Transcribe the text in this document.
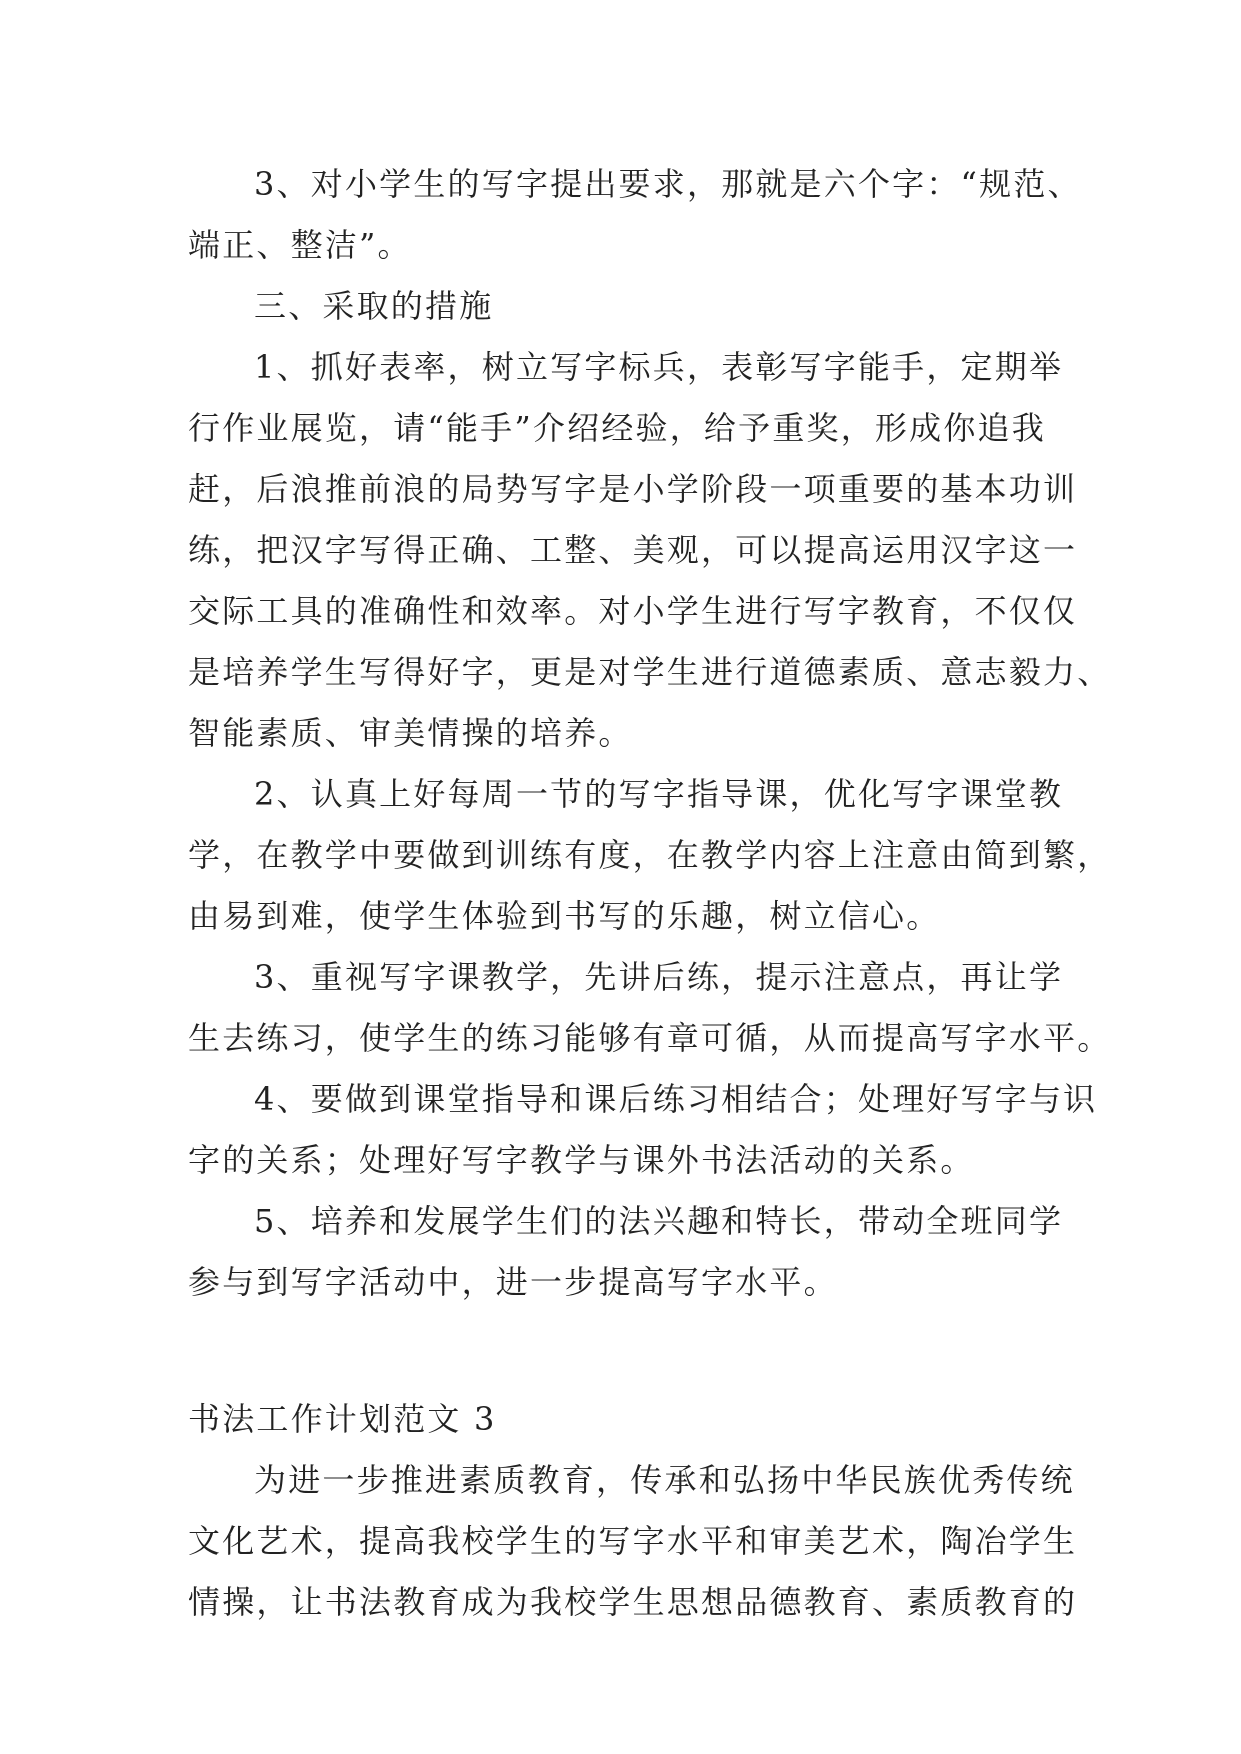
3、对小学生的写字提出要求，那就是六个字：“规范、
端正、整洁”。
三、采取的措施
1、抓好表率，树立写字标兵，表彰写字能手，定期举
行作业展览，请“能手”介绍经验，给予重奖，形成你追我
赶，后浪推前浪的局势写字是小学阶段一项重要的基本功训
练，把汉字写得正确、工整、美观，可以提高运用汉字这一
交际工具的准确性和效率。对小学生进行写字教育，不仅仅
是培养学生写得好字，更是对学生进行道德素质、意志毅力、
智能素质、审美情操的培养。
2、认真上好每周一节的写字指导课，优化写字课堂教
学，在教学中要做到训练有度，在教学内容上注意由简到繁，
由易到难，使学生体验到书写的乐趣，树立信心。
3、重视写字课教学，先讲后练，提示注意点，再让学
生去练习，使学生的练习能够有章可循，从而提高写字水平。
4、要做到课堂指导和课后练习相结合；处理好写字与识
字的关系；处理好写字教学与课外书法活动的关系。
5、培养和发展学生们的法兴趣和特长，带动全班同学
参与到写字活动中，进一步提高写字水平。
书法工作计划范文 3
为进一步推进素质教育，传承和弘扬中华民族优秀传统
文化艺术，提高我校学生的写字水平和审美艺术，陶冶学生
情操，让书法教育成为我校学生思想品德教育、素质教育的
